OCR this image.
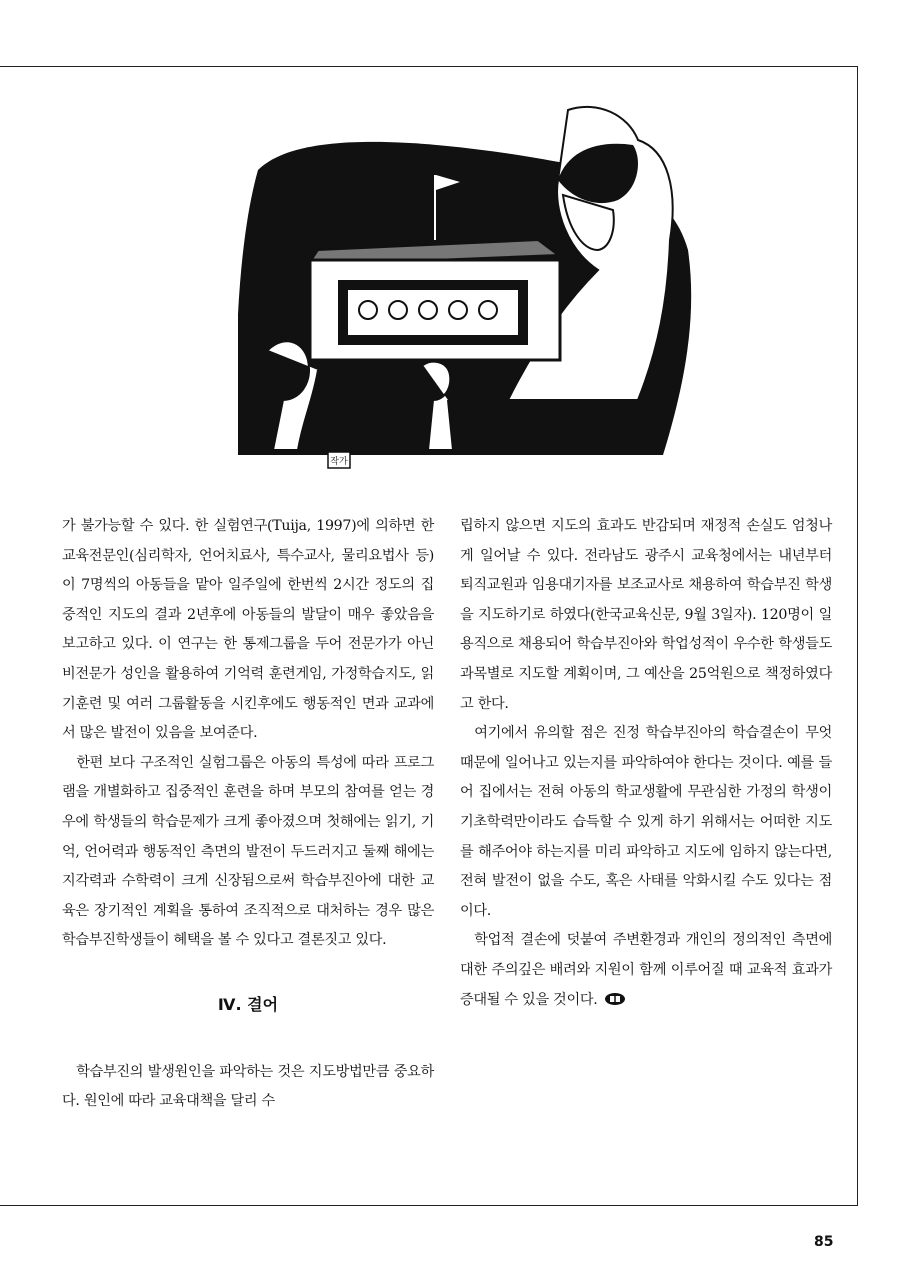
작가

가 불가능할 수 있다. 한 실험연구(Tuija, 1997)에 의하면 한 교육전문인(심리학자, 언어치료사, 특수교사, 물리요법사 등)이 7명씩의 아동들을 맡아 일주일에 한번씩 2시간 정도의 집중적인 지도의 결과 2년후에 아동들의 발달이 매우 좋았음을 보고하고 있다. 이 연구는 한 통제그룹을 두어 전문가가 아닌 비전문가 성인을 활용하여 기억력 훈련게임, 가정학습지도, 읽기훈련 및 여러 그룹활동을 시킨후에도 행동적인 면과 교과에서 많은 발전이 있음을 보여준다.

한편 보다 구조적인 실험그룹은 아동의 특성에 따라 프로그램을 개별화하고 집중적인 훈련을 하며 부모의 참여를 얻는 경우에 학생들의 학습문제가 크게 좋아졌으며 첫해에는 읽기, 기억, 언어력과 행동적인 측면의 발전이 두드러지고 둘째 해에는 지각력과 수학력이 크게 신장됨으로써 학습부진아에 대한 교육은 장기적인 계획을 통하여 조직적으로 대처하는 경우 많은 학습부진학생들이 혜택을 볼 수 있다고 결론짓고 있다.

Ⅳ. 결어

학습부진의 발생원인을 파악하는 것은 지도방법만큼 중요하다. 원인에 따라 교육대책을 달리 수

립하지 않으면 지도의 효과도 반감되며 재정적 손실도 엄청나게 일어날 수 있다. 전라남도 광주시 교육청에서는 내년부터 퇴직교원과 임용대기자를 보조교사로 채용하여 학습부진 학생을 지도하기로 하였다(한국교육신문, 9월 3일자). 120명이 일용직으로 채용되어 학습부진아와 학업성적이 우수한 학생들도 과목별로 지도할 계획이며, 그 예산을 25억원으로 책정하였다고 한다.

여기에서 유의할 점은 진정 학습부진아의 학습결손이 무엇 때문에 일어나고 있는지를 파악하여야 한다는 것이다. 예를 들어 집에서는 전혀 아동의 학교생활에 무관심한 가정의 학생이 기초학력만이라도 습득할 수 있게 하기 위해서는 어떠한 지도를 해주어야 하는지를 미리 파악하고 지도에 임하지 않는다면, 전혀 발전이 없을 수도, 혹은 사태를 악화시킬 수도 있다는 점이다.

학업적 결손에 덧붙여 주변환경과 개인의 정의적인 측면에 대한 주의깊은 배려와 지원이 함께 이루어질 때 교육적 효과가 증대될 수 있을 것이다.

85
